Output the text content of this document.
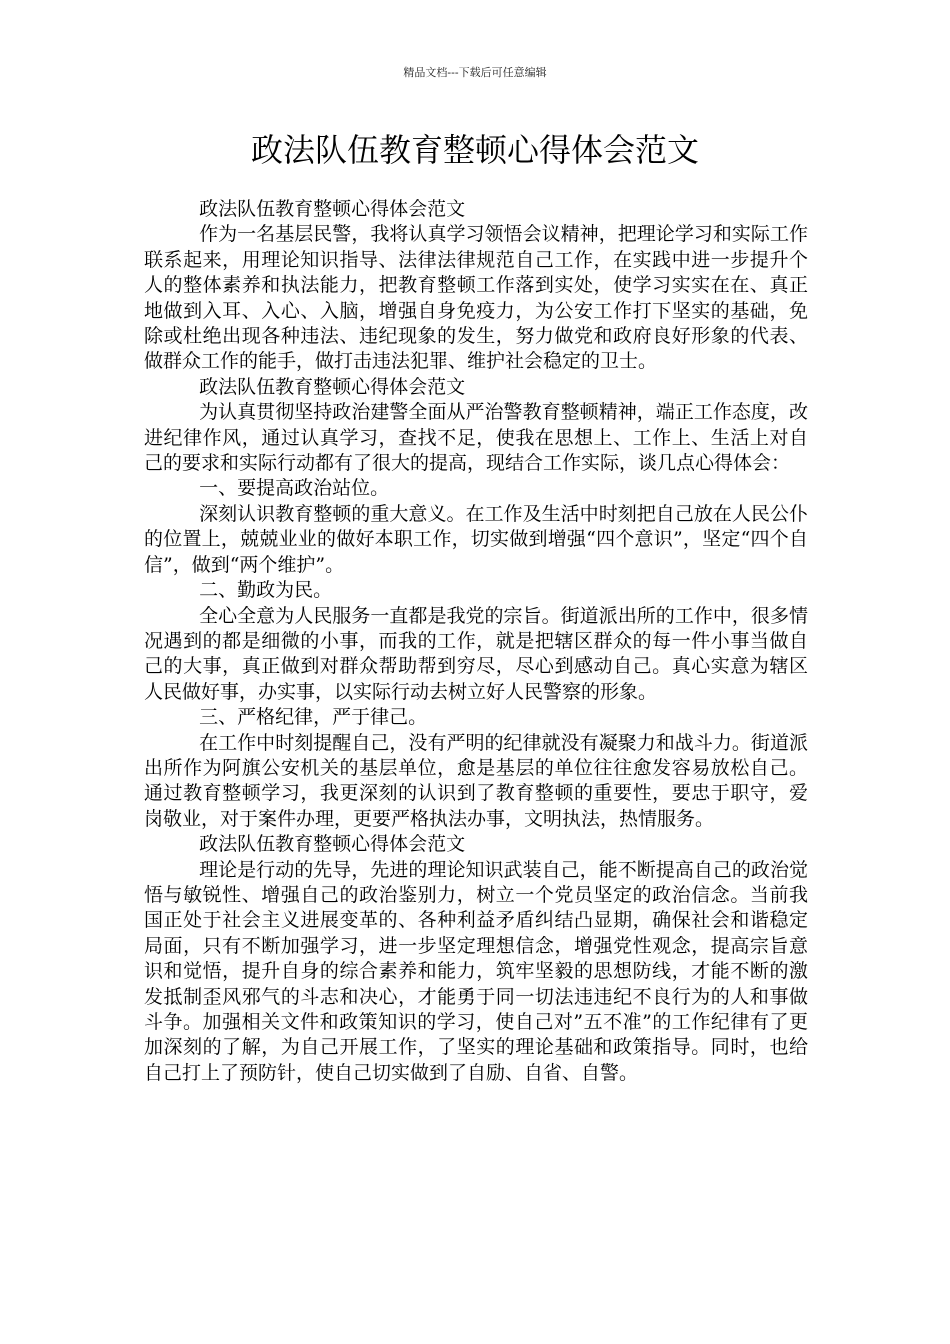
精品文档---下载后可任意编辑
政法队伍教育整顿心得体会范文

政法队伍教育整顿心得体会范文

作为一名基层民警，我将认真学习领悟会议精神，把理论学习和实际工作联系起来，用理论知识指导、法律法律规范自己工作，在实践中进一步提升个人的整体素养和执法能力，把教育整顿工作落到实处，使学习实实在在、真正地做到入耳、入心、入脑，增强自身免疫力，为公安工作打下坚实的基础，免除或杜绝出现各种违法、违纪现象的发生，努力做党和政府良好形象的代表、做群众工作的能手，做打击违法犯罪、维护社会稳定的卫士。

政法队伍教育整顿心得体会范文

为认真贯彻坚持政治建警全面从严治警教育整顿精神，端正工作态度，改进纪律作风，通过认真学习，查找不足，使我在思想上、工作上、生活上对自己的要求和实际行动都有了很大的提高，现结合工作实际，谈几点心得体会：

一、要提高政治站位。

深刻认识教育整顿的重大意义。在工作及生活中时刻把自己放在人民公仆的位置上，兢兢业业的做好本职工作，切实做到增强“四个意识”，坚定“四个自信”，做到“两个维护”。

二、勤政为民。

全心全意为人民服务一直都是我党的宗旨。街道派出所的工作中，很多情况遇到的都是细微的小事，而我的工作，就是把辖区群众的每一件小事当做自己的大事，真正做到对群众帮助帮到穷尽，尽心到感动自己。真心实意为辖区人民做好事，办实事，以实际行动去树立好人民警察的形象。

三、严格纪律，严于律己。

在工作中时刻提醒自己，没有严明的纪律就没有凝聚力和战斗力。街道派出所作为阿旗公安机关的基层单位，愈是基层的单位往往愈发容易放松自己。通过教育整顿学习，我更深刻的认识到了教育整顿的重要性，要忠于职守，爱岗敬业，对于案件办理，更要严格执法办事，文明执法，热情服务。

政法队伍教育整顿心得体会范文

理论是行动的先导，先进的理论知识武装自己，能不断提高自己的政治觉悟与敏锐性、增强自己的政治鉴别力，树立一个党员坚定的政治信念。当前我国正处于社会主义进展变革的、各种利益矛盾纠结凸显期，确保社会和谐稳定局面，只有不断加强学习，进一步坚定理想信念，增强党性观念，提高宗旨意识和觉悟，提升自身的综合素养和能力，筑牢坚毅的思想防线，才能不断的激发抵制歪风邪气的斗志和决心，才能勇于同一切法违违纪不良行为的人和事做斗争。加强相关文件和政策知识的学习，使自己对”五不准”的工作纪律有了更加深刻的了解，为自己开展工作，了坚实的理论基础和政策指导。同时，也给自己打上了预防针，使自己切实做到了自励、自省、自警。
